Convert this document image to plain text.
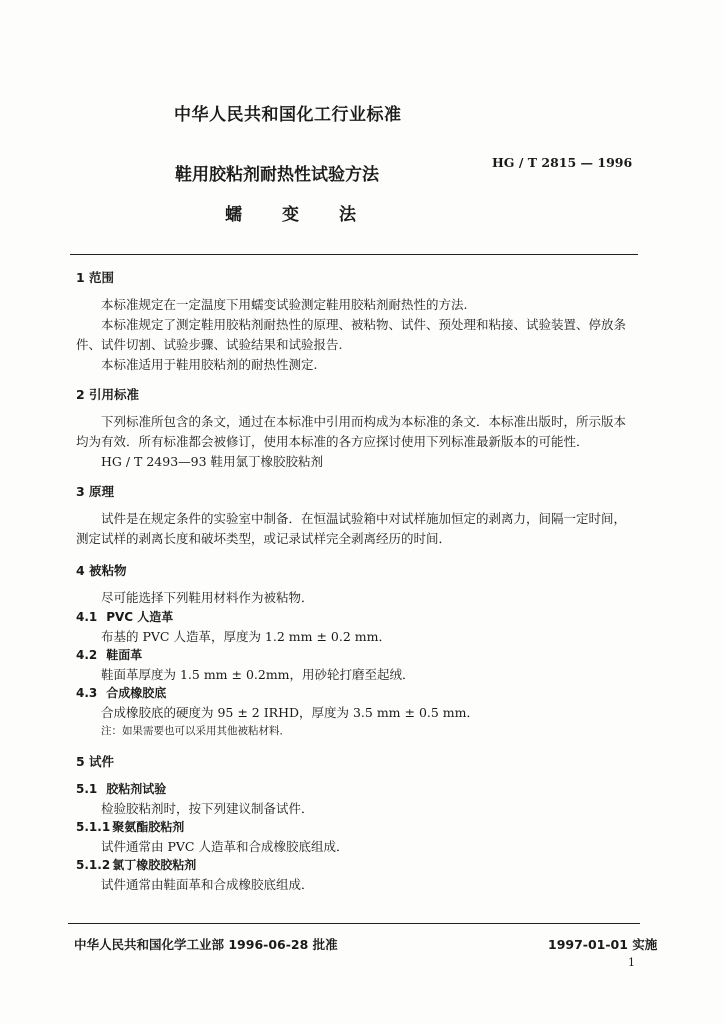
中华人民共和国化工行业标准
鞋用胶粘剂耐热性试验方法
HG / T 2815 — 1996
蠕变法
1 范围
本标准规定在一定温度下用蠕变试验测定鞋用胶粘剂耐热性的方法.
本标准规定了测定鞋用胶粘剂耐热性的原理、被粘物、试件、预处理和粘接、试验装置、停放条
件、试件切割、试验步骤、试验结果和试验报告.
本标准适用于鞋用胶粘剂的耐热性测定.
2 引用标准
下列标准所包含的条文，通过在本标准中引用而构成为本标准的条文．本标准出版时，所示版本
均为有效．所有标准都会被修订，使用本标准的各方应探讨使用下列标准最新版本的可能性．
HG / T 2493—93 鞋用氯丁橡胶胶粘剂
3 原理
试件是在规定条件的实验室中制备．在恒温试验箱中对试样施加恒定的剥离力，间隔一定时间，
测定试样的剥离长度和破坏类型，或记录试样完全剥离经历的时间．
4 被粘物
尽可能选择下列鞋用材料作为被粘物．
4.1 PVC 人造革
布基的 PVC 人造革，厚度为 1.2 mm ± 0.2 mm．
4.2 鞋面革
鞋面革厚度为 1.5 mm ± 0.2mm，用砂轮打磨至起绒．
4.3 合成橡胶底
合成橡胶底的硬度为 95 ± 2 IRHD，厚度为 3.5 mm ± 0.5 mm．
注：如果需要也可以采用其他被粘材料．
5 试件
5.1 胶粘剂试验
检验胶粘剂时，按下列建议制备试件．
5.1.1 聚氨酯胶粘剂
试件通常由 PVC 人造革和合成橡胶底组成．
5.1.2 氯丁橡胶胶粘剂
试件通常由鞋面革和合成橡胶底组成．
中华人民共和国化学工业部 1996-06-28 批准	1997-01-01 实施
1
